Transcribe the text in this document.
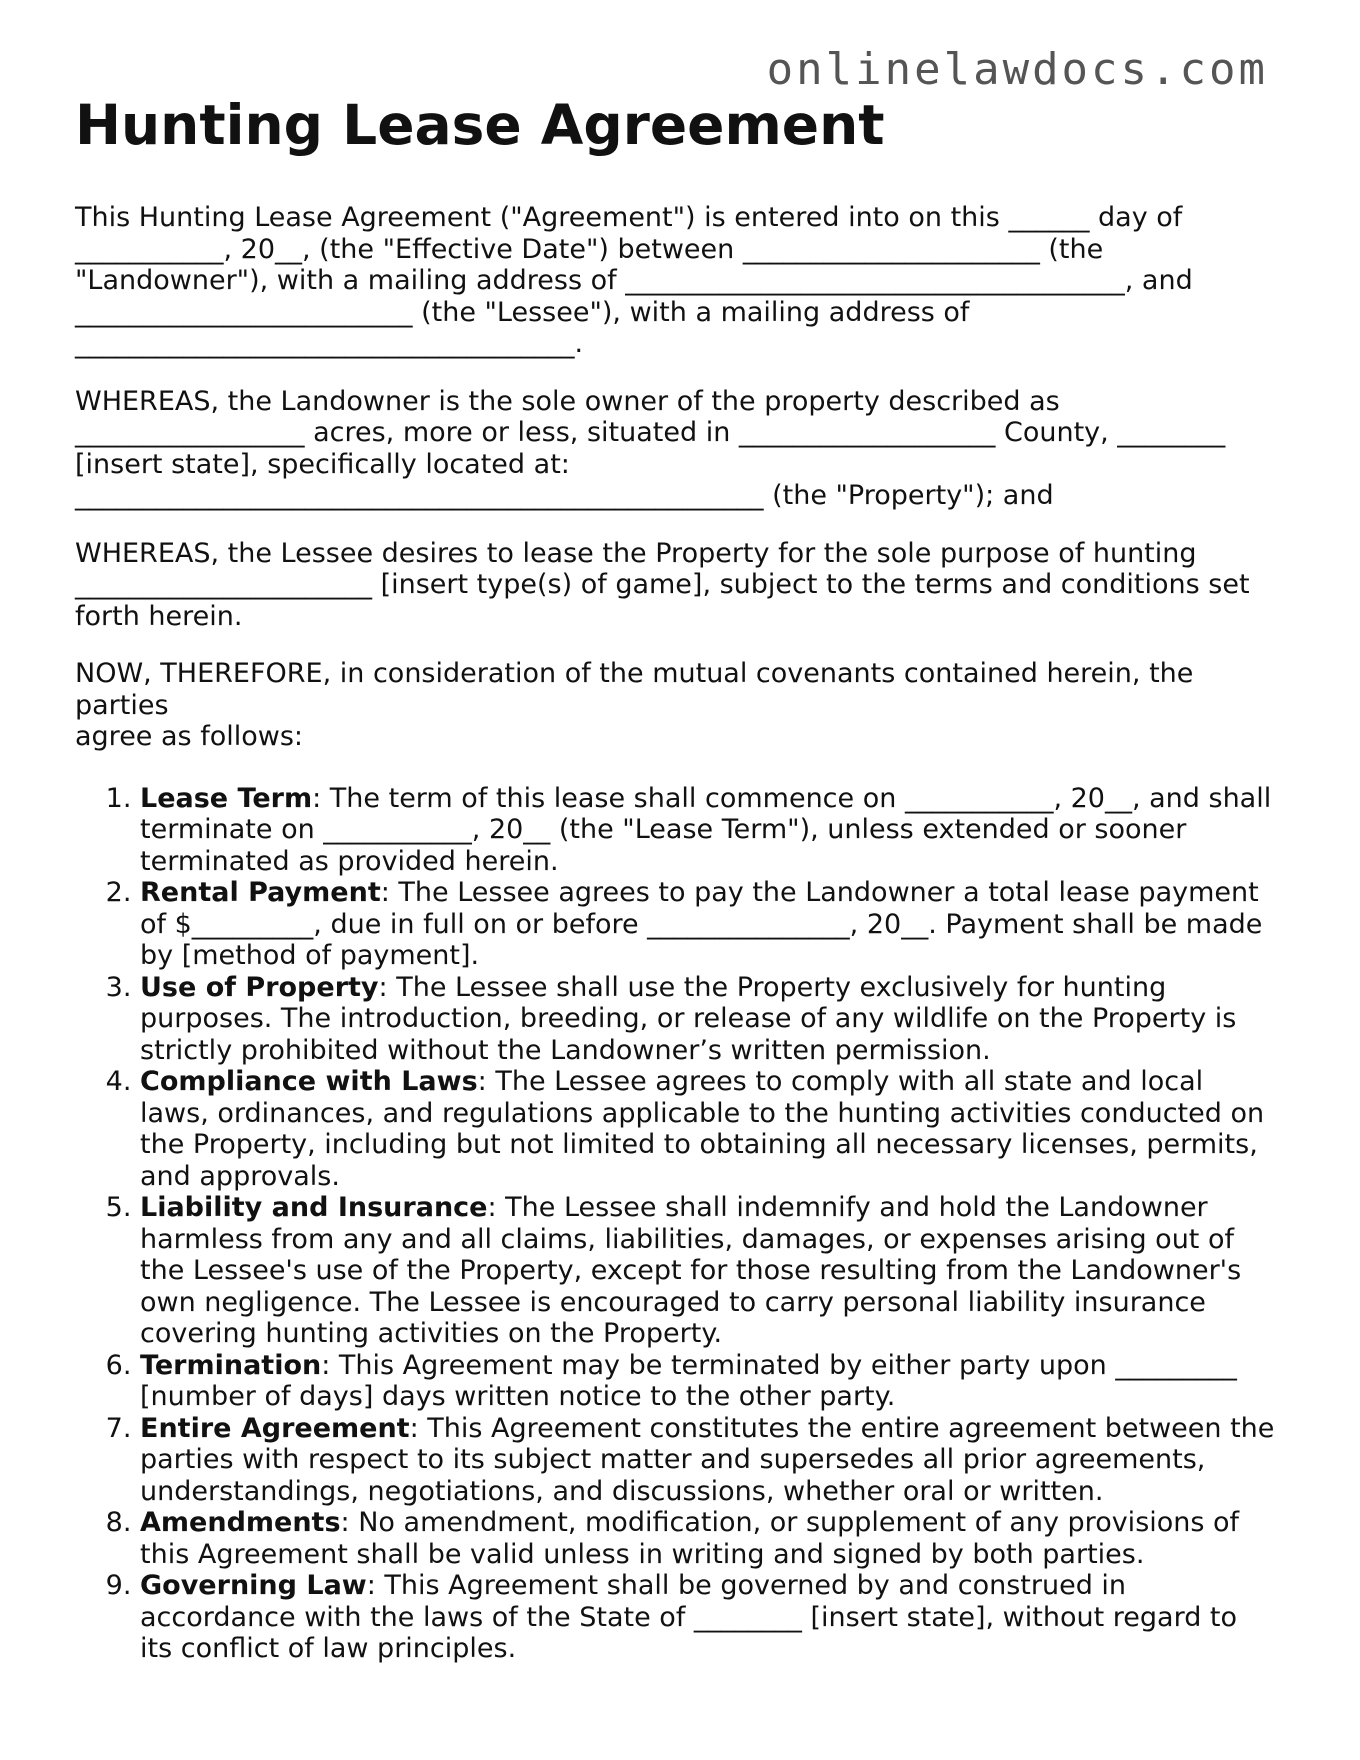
onlinelawdocs.com
Hunting Lease Agreement

This Hunting Lease Agreement ("Agreement") is entered into on this ______ day of
___________, 20__, (the "Effective Date") between ______________________ (the
"Landowner"), with a mailing address of _____________________________________, and
_________________________ (the "Lessee"), with a mailing address of
_____________________________________.

WHEREAS, the Landowner is the sole owner of the property described as
_________________ acres, more or less, situated in ___________________ County, ________
[insert state], specifically located at:
___________________________________________________ (the "Property"); and

WHEREAS, the Lessee desires to lease the Property for the sole purpose of hunting
______________________ [insert type(s) of game], subject to the terms and conditions set
forth herein.

NOW, THEREFORE, in consideration of the mutual covenants contained herein, the parties
agree as follows:

1. Lease Term: The term of this lease shall commence on ___________, 20__, and shall terminate on ___________, 20__ (the "Lease Term"), unless extended or sooner terminated as provided herein.
2. Rental Payment: The Lessee agrees to pay the Landowner a total lease payment of $_________, due in full on or before _______________, 20__. Payment shall be made by [method of payment].
3. Use of Property: The Lessee shall use the Property exclusively for hunting purposes. The introduction, breeding, or release of any wildlife on the Property is strictly prohibited without the Landowner’s written permission.
4. Compliance with Laws: The Lessee agrees to comply with all state and local laws, ordinances, and regulations applicable to the hunting activities conducted on the Property, including but not limited to obtaining all necessary licenses, permits, and approvals.
5. Liability and Insurance: The Lessee shall indemnify and hold the Landowner harmless from any and all claims, liabilities, damages, or expenses arising out of the Lessee's use of the Property, except for those resulting from the Landowner's own negligence. The Lessee is encouraged to carry personal liability insurance covering hunting activities on the Property.
6. Termination: This Agreement may be terminated by either party upon _________ [number of days] days written notice to the other party.
7. Entire Agreement: This Agreement constitutes the entire agreement between the parties with respect to its subject matter and supersedes all prior agreements, understandings, negotiations, and discussions, whether oral or written.
8. Amendments: No amendment, modification, or supplement of any provisions of this Agreement shall be valid unless in writing and signed by both parties.
9. Governing Law: This Agreement shall be governed by and construed in accordance with the laws of the State of ________ [insert state], without regard to its conflict of law principles.
